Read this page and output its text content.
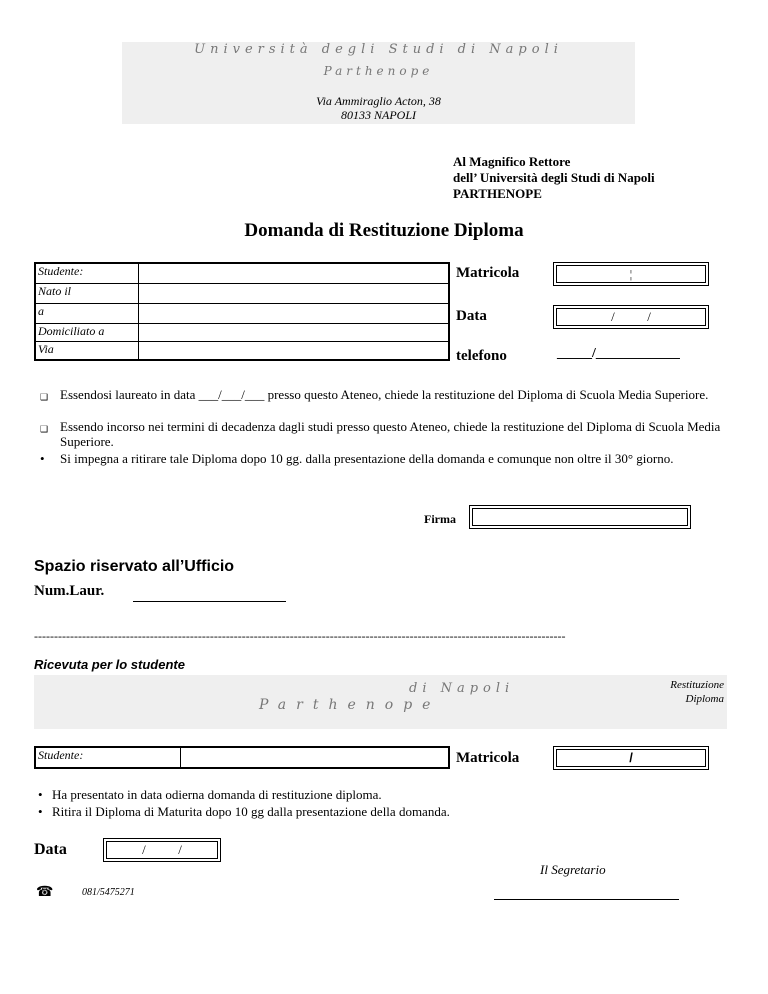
Università degli Studi di Napoli
Parthenope
Via Ammiraglio Acton, 38
80133 NAPOLI
Al Magnifico Rettore
dell’ Università degli Studi di Napoli
PARTHENOPE
Domanda di Restituzione Diploma
Studente:	
Nato il	
a	
Domiciliato a	
Via	
Matricola	¦
Data	/          /
telefono	_____/____________
❑ Essendosi laureato in data ___/___/___ presso questo Ateneo, chiede la restituzione del Diploma di Scuola Media Superiore.
❑ Essendo incorso nei termini di decadenza dagli studi presso questo Ateneo, chiede la restituzione del Diploma di Scuola Media Superiore.
• Si impegna a ritirare tale Diploma dopo 10 gg. dalla presentazione della domanda e comunque non oltre il 30° giorno.
Firma
Spazio riservato all’Ufficio
Num.Laur.
-------------------------------------------------------------------------------------------------------------------------------------
Ricevuta per lo studente
di Napoli
Parthenope
Restituzione
Diploma
Studente:		Matricola	/
• Ha presentato in data odierna domanda di restituzione diploma.
• Ritira il Diploma di Maturita dopo 10 gg dalla presentazione della domanda.
Data	/          /
Il Segretario
☎	081/5475271
